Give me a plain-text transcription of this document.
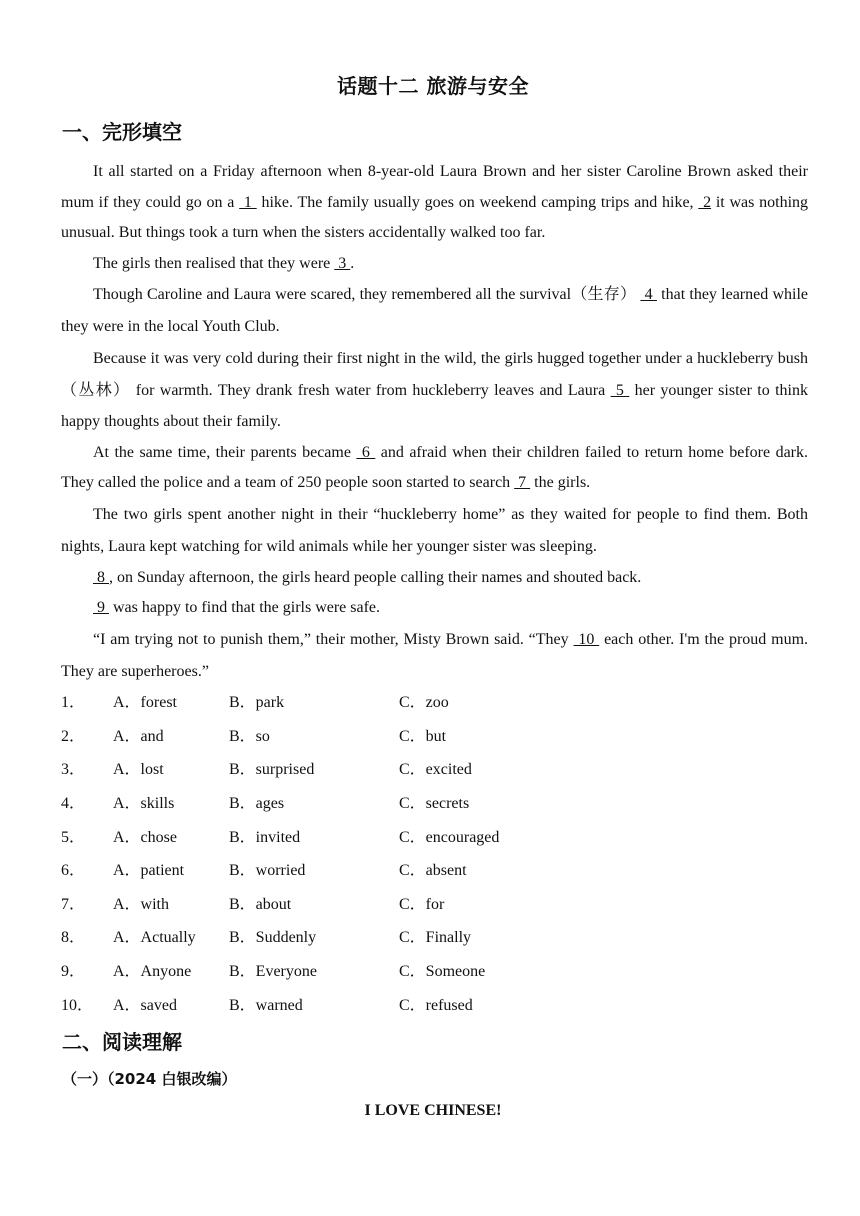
话题十二 旅游与安全
一、完形填空

It all started on a Friday afternoon when 8-year-old Laura Brown and her sister Caroline Brown asked their mum if they could go on a  1  hike. The family usually goes on weekend camping trips and hike,  2 it was nothing unusual. But things took a turn when the sisters accidentally walked too far.

The girls then realised that they were  3 .

Though Caroline and Laura were scared, they remembered all the survival（生存）  4  that they learned while they were in the local Youth Club.

Because it was very cold during their first night in the wild, the girls hugged together under a huckleberry bush（丛林） for warmth. They drank fresh water from huckleberry leaves and Laura  5  her younger sister to think happy thoughts about their family.

At the same time, their parents became  6  and afraid when their children failed to return home before dark. They called the police and a team of 250 people soon started to search  7  the girls.

The two girls spent another night in their “huckleberry home” as they waited for people to find them. Both nights, Laura kept watching for wild animals while her younger sister was sleeping.

8 , on Sunday afternoon, the girls heard people calling their names and shouted back.

9  was happy to find that the girls were safe.

“I am trying not to punish them,” their mother, Misty Brown said. “They  10  each other. I'm the proud mum. They are superheroes.”

1．	A．forest	B．park	C．zoo
2．	A．and	B．so	C．but
3．	A．lost	B．surprised	C．excited
4．	A．skills	B．ages	C．secrets
5．	A．chose	B．invited	C．encouraged
6．	A．patient	B．worried	C．absent
7．	A．with	B．about	C．for
8．	A．Actually	B．Suddenly	C．Finally
9．	A．Anyone	B．Everyone	C．Someone
10．	A．saved	B．warned	C．refused
二、阅读理解
（一）（2024 白银改编）
I LOVE CHINESE!
